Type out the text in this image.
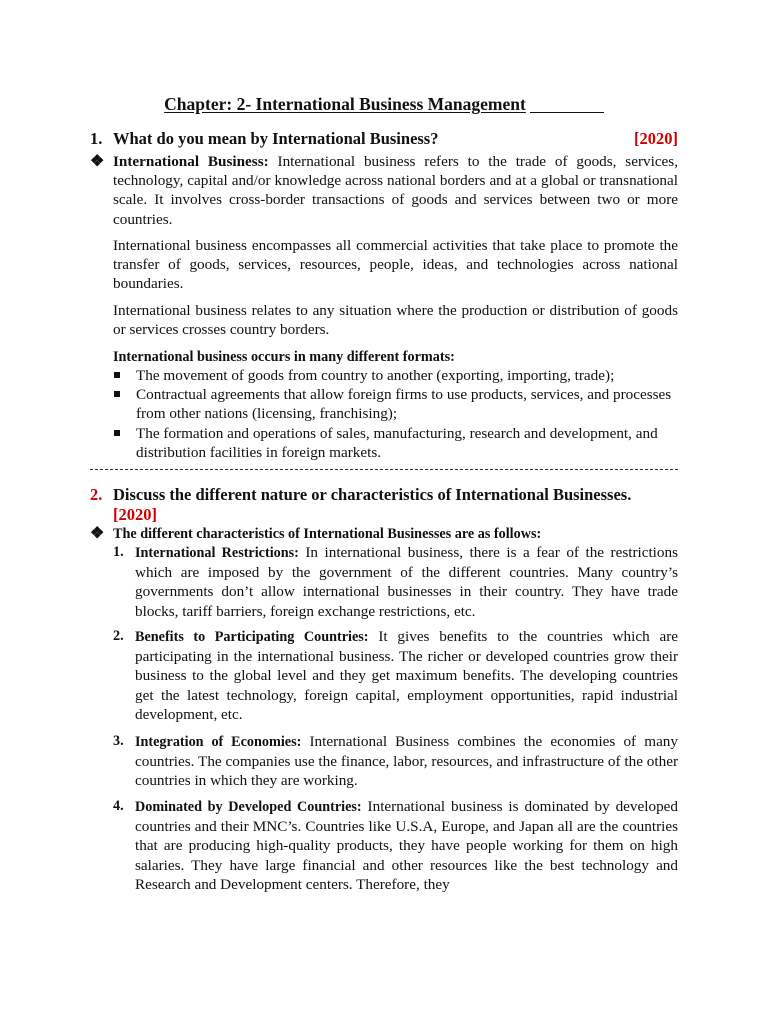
Chapter: 2- International Business Management
1. What do you mean by International Business?	[2020]
❖ International Business: International business refers to the trade of goods, services, technology, capital and/or knowledge across national borders and at a global or transnational scale. It involves cross-border transactions of goods and services between two or more countries.
International business encompasses all commercial activities that take place to promote the transfer of goods, services, resources, people, ideas, and technologies across national boundaries.
International business relates to any situation where the production or distribution of goods or services crosses country borders.
International business occurs in many different formats:
The movement of goods from country to another (exporting, importing, trade);
Contractual agreements that allow foreign firms to use products, services, and processes from other nations (licensing, franchising);
The formation and operations of sales, manufacturing, research and development, and distribution facilities in foreign markets.
2. Discuss the different nature or characteristics of International Businesses.
[2020]
❖ The different characteristics of International Businesses are as follows:
1. International Restrictions: In international business, there is a fear of the restrictions which are imposed by the government of the different countries. Many country’s governments don’t allow international businesses in their country. They have trade blocks, tariff barriers, foreign exchange restrictions, etc.
2. Benefits to Participating Countries: It gives benefits to the countries which are participating in the international business. The richer or developed countries grow their business to the global level and they get maximum benefits. The developing countries get the latest technology, foreign capital, employment opportunities, rapid industrial development, etc.
3. Integration of Economies: International Business combines the economies of many countries. The companies use the finance, labor, resources, and infrastructure of the other countries in which they are working.
4. Dominated by Developed Countries: International business is dominated by developed countries and their MNC’s. Countries like U.S.A, Europe, and Japan all are the countries that are producing high-quality products, they have people working for them on high salaries. They have large financial and other resources like the best technology and Research and Development centers. Therefore, they
